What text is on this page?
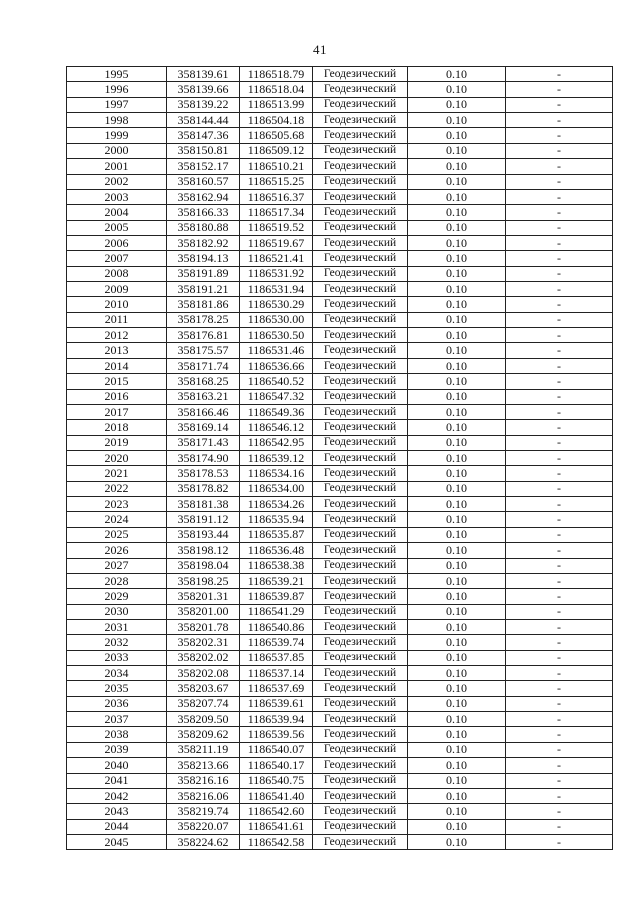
41
1995	358139.61	1186518.79	Геодезический	0.10	-
1996	358139.66	1186518.04	Геодезический	0.10	-
1997	358139.22	1186513.99	Геодезический	0.10	-
1998	358144.44	1186504.18	Геодезический	0.10	-
1999	358147.36	1186505.68	Геодезический	0.10	-
2000	358150.81	1186509.12	Геодезический	0.10	-
2001	358152.17	1186510.21	Геодезический	0.10	-
2002	358160.57	1186515.25	Геодезический	0.10	-
2003	358162.94	1186516.37	Геодезический	0.10	-
2004	358166.33	1186517.34	Геодезический	0.10	-
2005	358180.88	1186519.52	Геодезический	0.10	-
2006	358182.92	1186519.67	Геодезический	0.10	-
2007	358194.13	1186521.41	Геодезический	0.10	-
2008	358191.89	1186531.92	Геодезический	0.10	-
2009	358191.21	1186531.94	Геодезический	0.10	-
2010	358181.86	1186530.29	Геодезический	0.10	-
2011	358178.25	1186530.00	Геодезический	0.10	-
2012	358176.81	1186530.50	Геодезический	0.10	-
2013	358175.57	1186531.46	Геодезический	0.10	-
2014	358171.74	1186536.66	Геодезический	0.10	-
2015	358168.25	1186540.52	Геодезический	0.10	-
2016	358163.21	1186547.32	Геодезический	0.10	-
2017	358166.46	1186549.36	Геодезический	0.10	-
2018	358169.14	1186546.12	Геодезический	0.10	-
2019	358171.43	1186542.95	Геодезический	0.10	-
2020	358174.90	1186539.12	Геодезический	0.10	-
2021	358178.53	1186534.16	Геодезический	0.10	-
2022	358178.82	1186534.00	Геодезический	0.10	-
2023	358181.38	1186534.26	Геодезический	0.10	-
2024	358191.12	1186535.94	Геодезический	0.10	-
2025	358193.44	1186535.87	Геодезический	0.10	-
2026	358198.12	1186536.48	Геодезический	0.10	-
2027	358198.04	1186538.38	Геодезический	0.10	-
2028	358198.25	1186539.21	Геодезический	0.10	-
2029	358201.31	1186539.87	Геодезический	0.10	-
2030	358201.00	1186541.29	Геодезический	0.10	-
2031	358201.78	1186540.86	Геодезический	0.10	-
2032	358202.31	1186539.74	Геодезический	0.10	-
2033	358202.02	1186537.85	Геодезический	0.10	-
2034	358202.08	1186537.14	Геодезический	0.10	-
2035	358203.67	1186537.69	Геодезический	0.10	-
2036	358207.74	1186539.61	Геодезический	0.10	-
2037	358209.50	1186539.94	Геодезический	0.10	-
2038	358209.62	1186539.56	Геодезический	0.10	-
2039	358211.19	1186540.07	Геодезический	0.10	-
2040	358213.66	1186540.17	Геодезический	0.10	-
2041	358216.16	1186540.75	Геодезический	0.10	-
2042	358216.06	1186541.40	Геодезический	0.10	-
2043	358219.74	1186542.60	Геодезический	0.10	-
2044	358220.07	1186541.61	Геодезический	0.10	-
2045	358224.62	1186542.58	Геодезический	0.10	-
